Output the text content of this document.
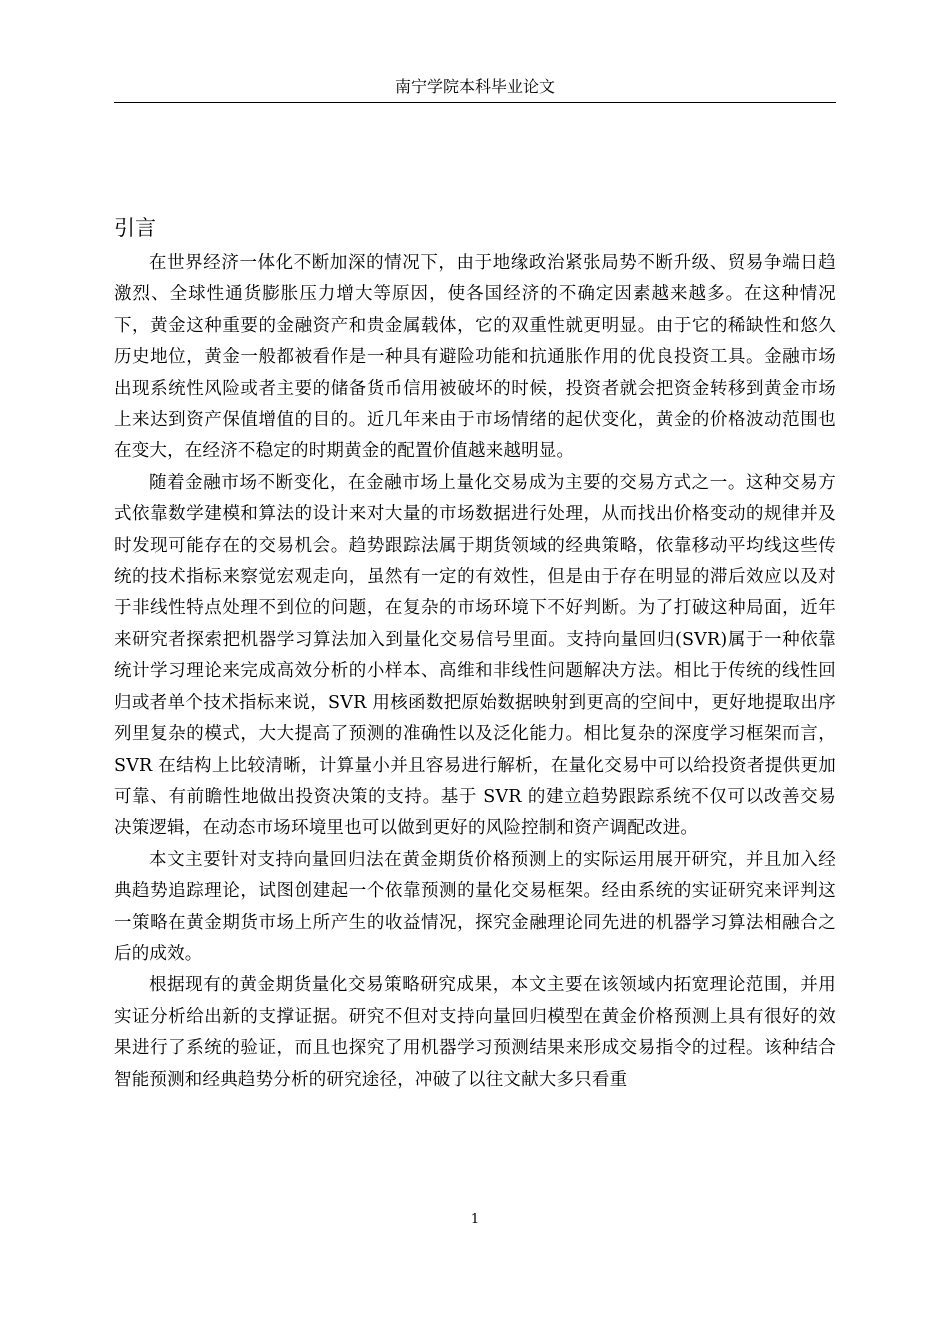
南宁学院本科毕业论文
引言

在世界经济一体化不断加深的情况下，由于地缘政治紧张局势不断升级、贸易争端日趋激烈、全球性通货膨胀压力增大等原因，使各国经济的不确定因素越来越多。在这种情况下，黄金这种重要的金融资产和贵金属载体，它的双重性就更明显。由于它的稀缺性和悠久历史地位，黄金一般都被看作是一种具有避险功能和抗通胀作用的优良投资工具。金融市场出现系统性风险或者主要的储备货币信用被破坏的时候，投资者就会把资金转移到黄金市场上来达到资产保值增值的目的。近几年来由于市场情绪的起伏变化，黄金的价格波动范围也在变大，在经济不稳定的时期黄金的配置价值越来越明显。

随着金融市场不断变化，在金融市场上量化交易成为主要的交易方式之一。这种交易方式依靠数学建模和算法的设计来对大量的市场数据进行处理，从而找出价格变动的规律并及时发现可能存在的交易机会。趋势跟踪法属于期货领域的经典策略，依靠移动平均线这些传统的技术指标来察觉宏观走向，虽然有一定的有效性，但是由于存在明显的滞后效应以及对于非线性特点处理不到位的问题，在复杂的市场环境下不好判断。为了打破这种局面，近年来研究者探索把机器学习算法加入到量化交易信号里面。支持向量回归(SVR)属于一种依靠统计学习理论来完成高效分析的小样本、高维和非线性问题解决方法。相比于传统的线性回归或者单个技术指标来说，SVR 用核函数把原始数据映射到更高的空间中，更好地提取出序列里复杂的模式，大大提高了预测的准确性以及泛化能力。相比复杂的深度学习框架而言，SVR 在结构上比较清晰，计算量小并且容易进行解析，在量化交易中可以给投资者提供更加可靠、有前瞻性地做出投资决策的支持。基于 SVR 的建立趋势跟踪系统不仅可以改善交易决策逻辑，在动态市场环境里也可以做到更好的风险控制和资产调配改进。

本文主要针对支持向量回归法在黄金期货价格预测上的实际运用展开研究，并且加入经典趋势追踪理论，试图创建起一个依靠预测的量化交易框架。经由系统的实证研究来评判这一策略在黄金期货市场上所产生的收益情况，探究金融理论同先进的机器学习算法相融合之后的成效。

根据现有的黄金期货量化交易策略研究成果，本文主要在该领域内拓宽理论范围，并用实证分析给出新的支撑证据。研究不但对支持向量回归模型在黄金价格预测上具有很好的效果进行了系统的验证，而且也探究了用机器学习预测结果来形成交易指令的过程。该种结合智能预测和经典趋势分析的研究途径，冲破了以往文献大多只看重

1
